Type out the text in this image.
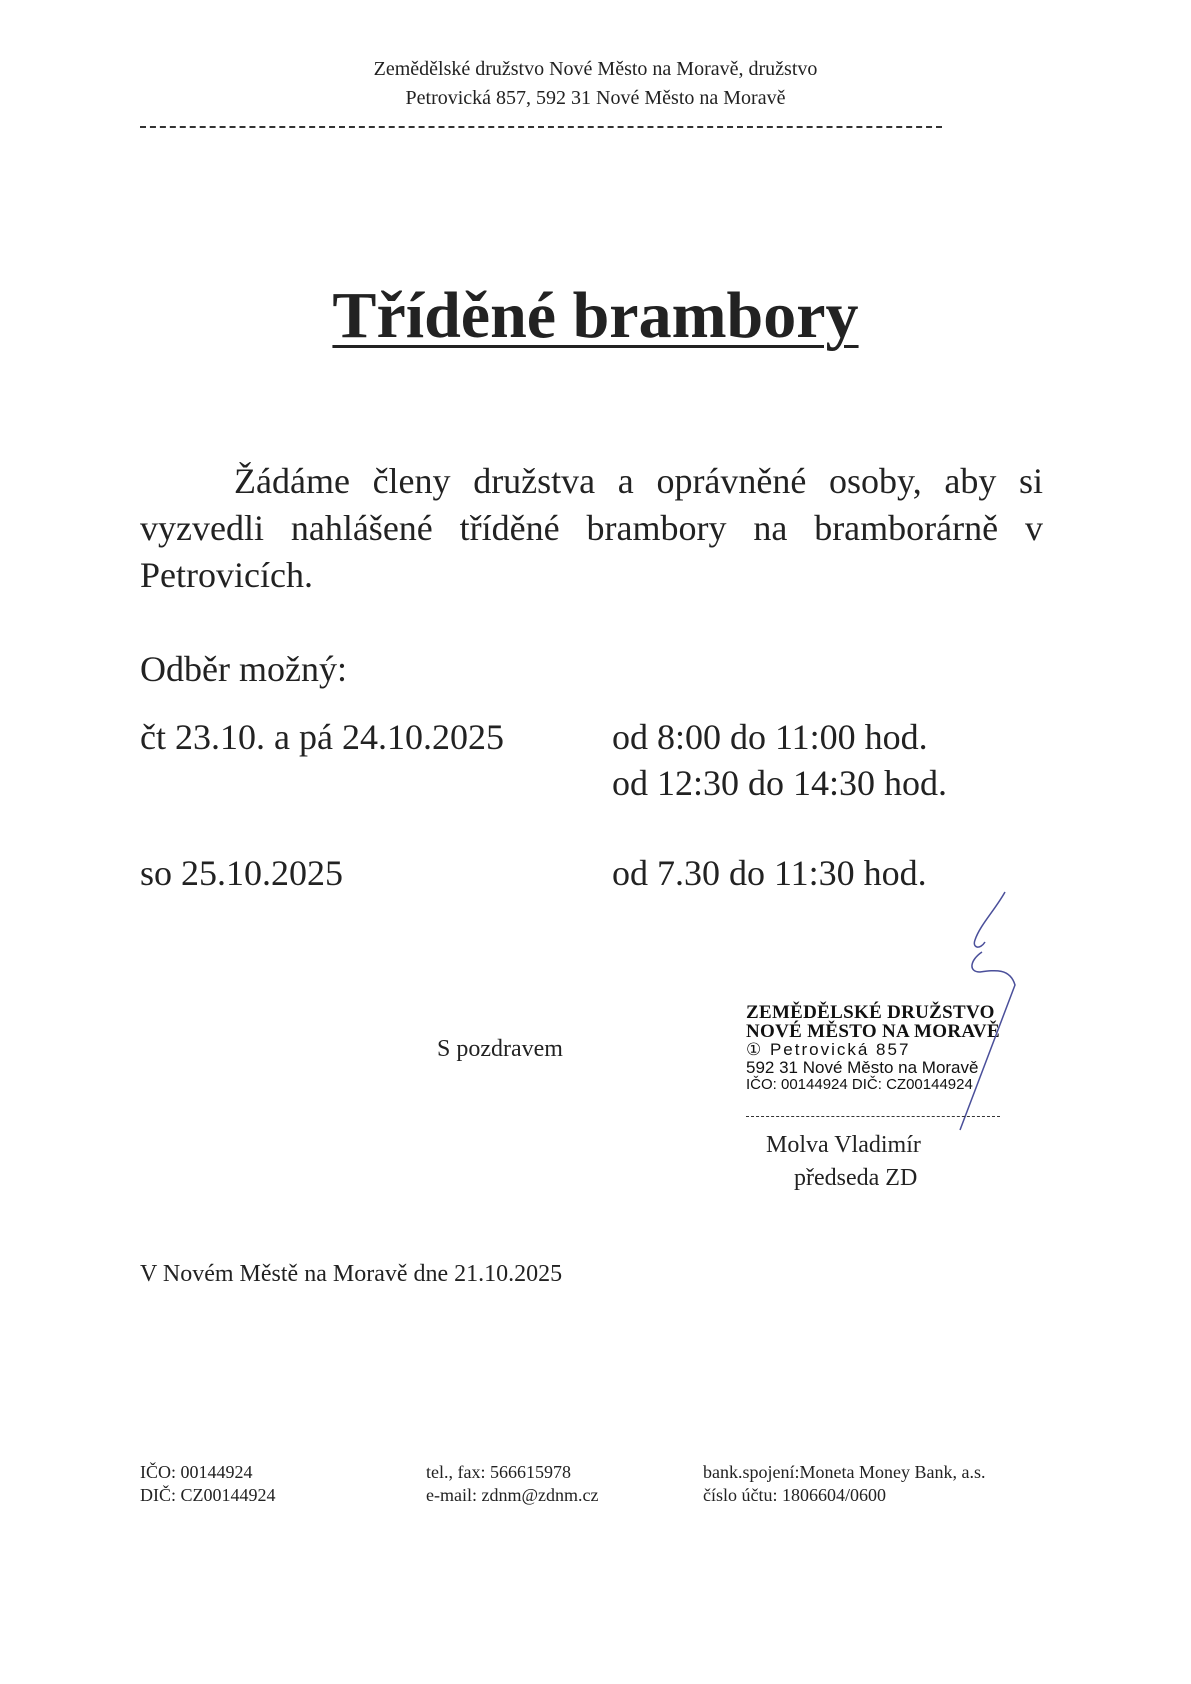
Zemědělské družstvo Nové Město na Moravě, družstvo
Petrovická 857, 592 31 Nové Město na Moravě
Tříděné brambory
Žádáme členy družstva a oprávněné osoby, aby si vyzvedli nahlášené tříděné brambory na bramborárně v Petrovicích.
Odběr možný:
čt 23.10. a pá 24.10.2025	od 8:00 do 11:00 hod.
od 12:30 do 14:30 hod.
so 25.10.2025	od 7.30 do 11:30 hod.
S pozdravem
ZEMĚDĚLSKÉ DRUŽSTVO
NOVÉ MĚSTO NA MORAVĚ
① Petrovická 857
592 31 Nové Město na Moravě
IČO: 00144924 DIČ: CZ00144924
Molva Vladimír
předseda ZD
V Novém Městě na Moravě dne 21.10.2025
IČO: 00144924
DIČ: CZ00144924
tel., fax: 566615978
e-mail: zdnm@zdnm.cz
bank.spojení:Moneta Money Bank, a.s.
číslo účtu: 1806604/0600
